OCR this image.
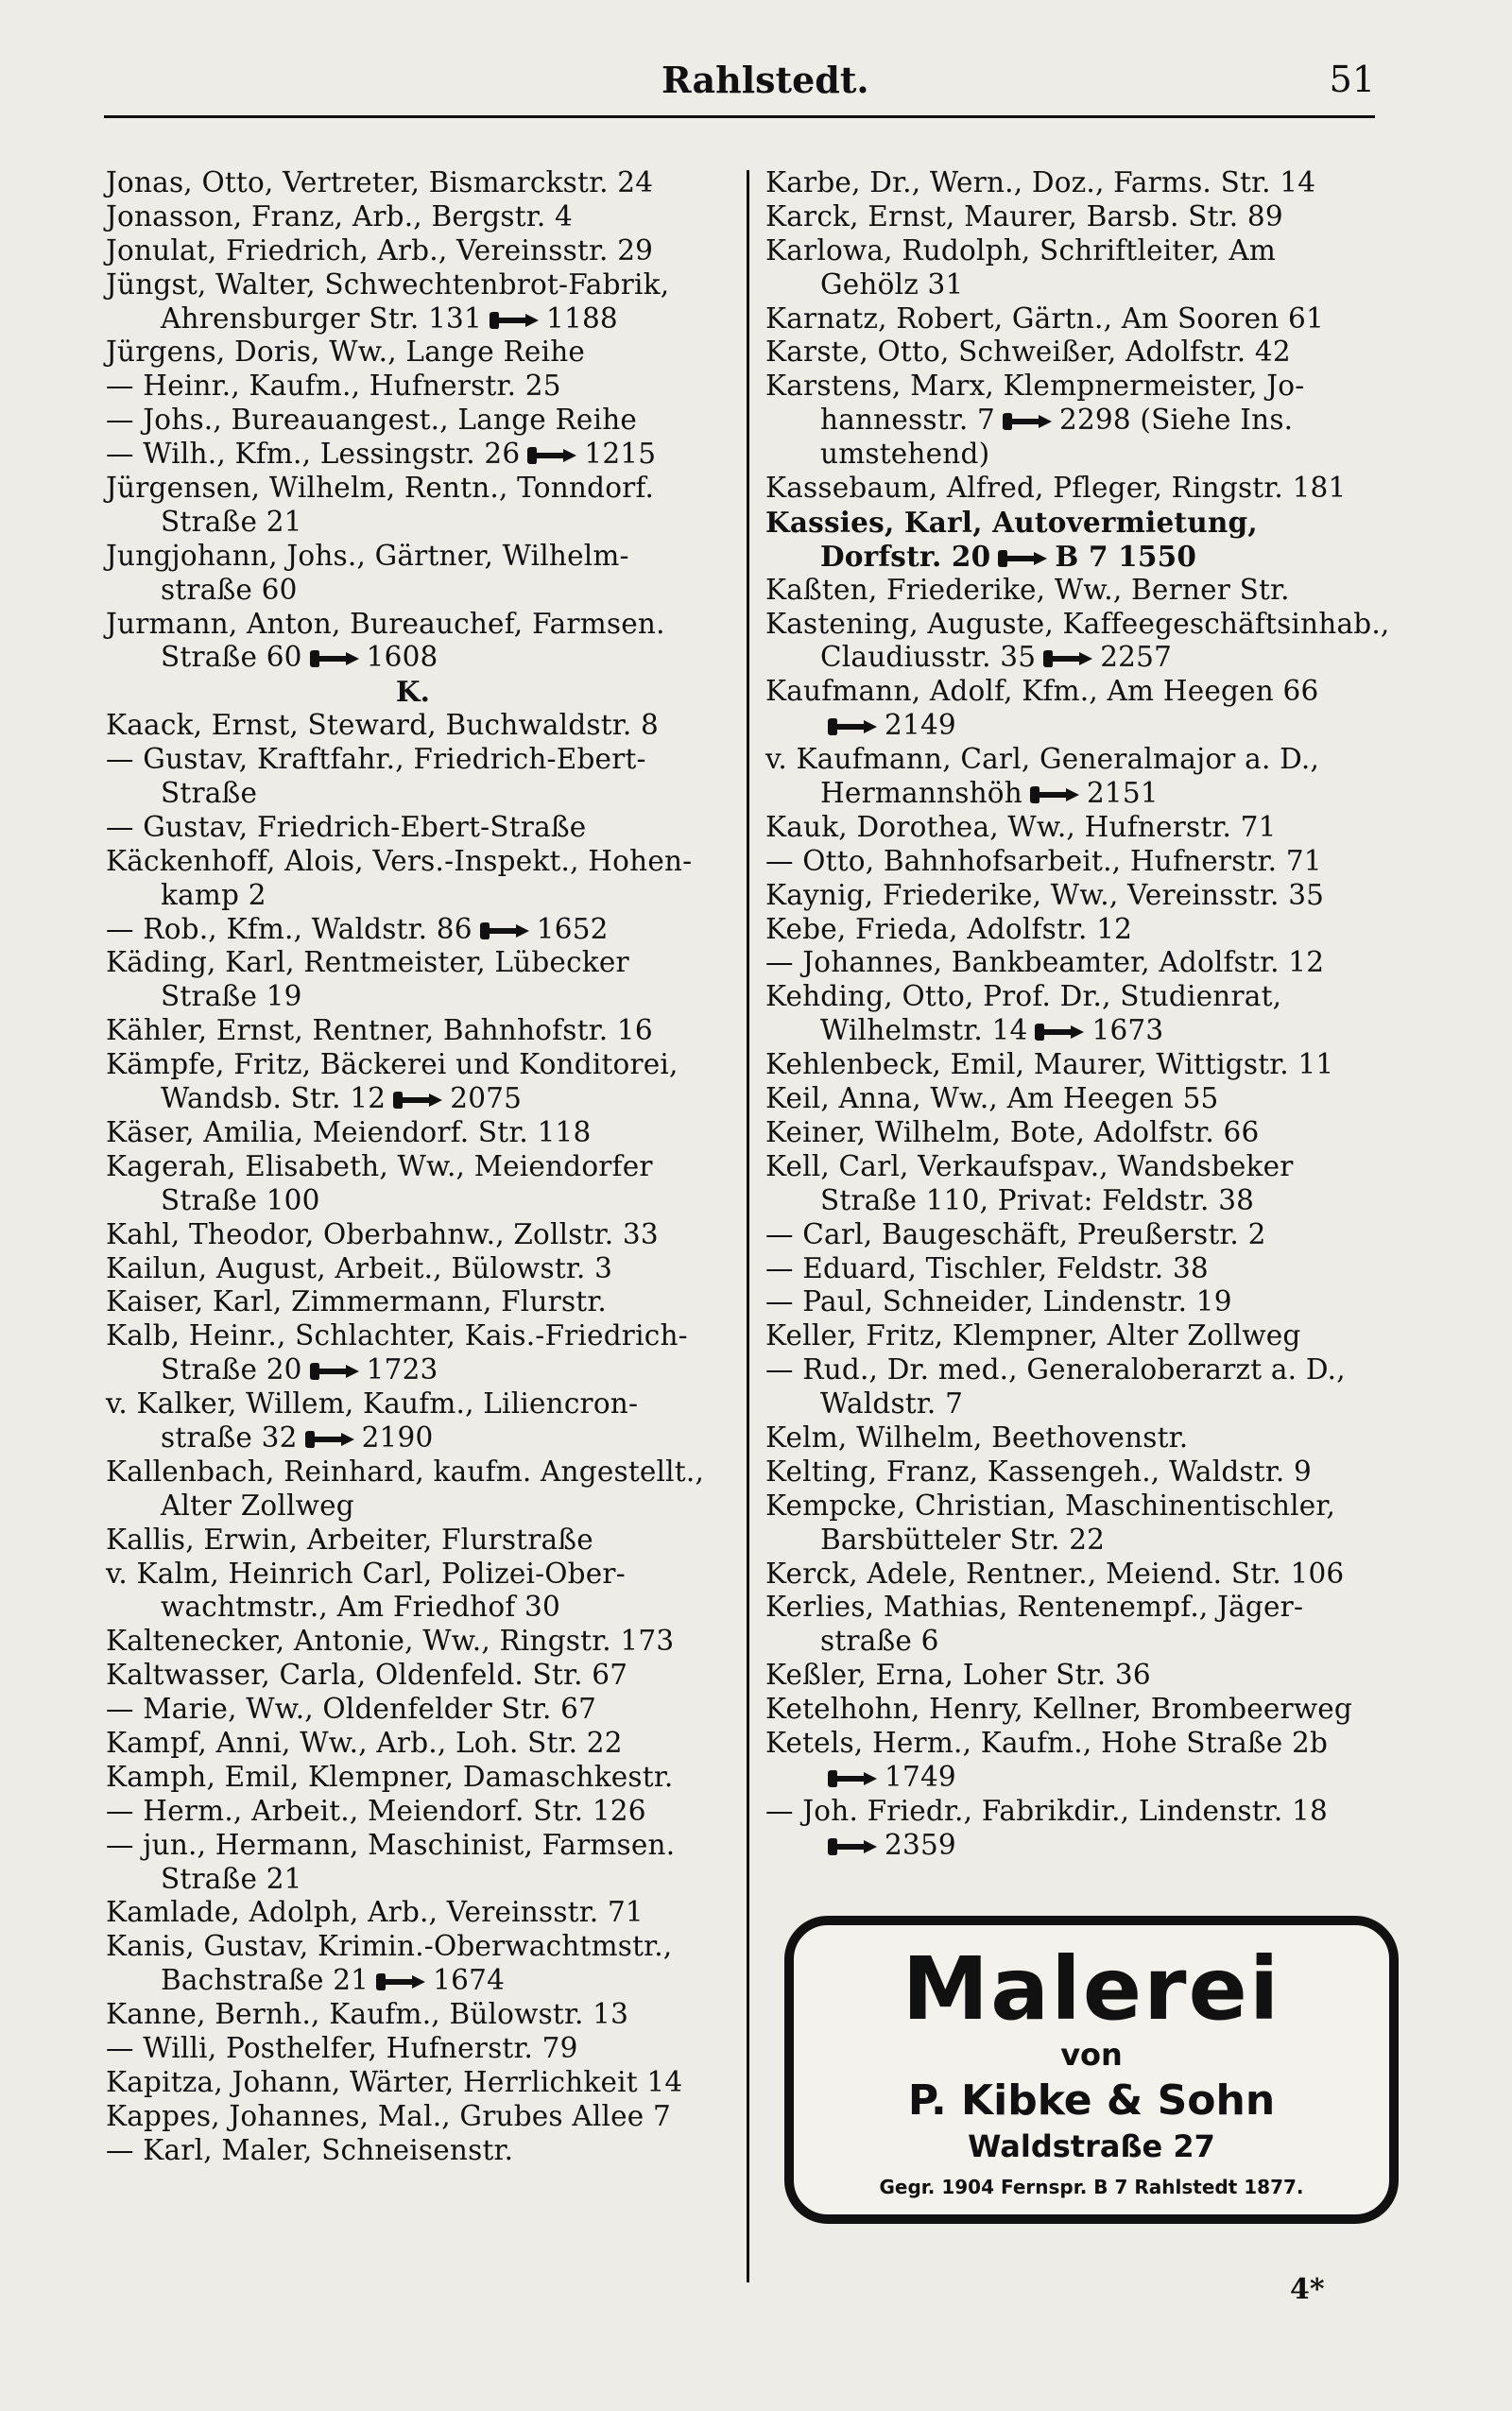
Rahlstedt.	51
Jonas, Otto, Vertreter, Bismarckstr. 24
Jonasson, Franz, Arb., Bergstr. 4
Jonulat, Friedrich, Arb., Vereinsstr. 29
Jüngst, Walter, Schwechtenbrot-Fabrik,
Ahrensburger Str. 131 1188
Jürgens, Doris, Ww., Lange Reihe
— Heinr., Kaufm., Hufnerstr. 25
— Johs., Bureauangest., Lange Reihe
— Wilh., Kfm., Lessingstr. 26 1215
Jürgensen, Wilhelm, Rentn., Tonndorf.
Straße 21
Jungjohann, Johs., Gärtner, Wilhelm-
straße 60
Jurmann, Anton, Bureauchef, Farmsen.
Straße 60 1608
K.
Kaack, Ernst, Steward, Buchwaldstr. 8
— Gustav, Kraftfahr., Friedrich-Ebert-
Straße
— Gustav, Friedrich-Ebert-Straße
Käckenhoff, Alois, Vers.-Inspekt., Hohen-
kamp 2
— Rob., Kfm., Waldstr. 86 1652
Käding, Karl, Rentmeister, Lübecker
Straße 19
Kähler, Ernst, Rentner, Bahnhofstr. 16
Kämpfe, Fritz, Bäckerei und Konditorei,
Wandsb. Str. 12 2075
Käser, Amilia, Meiendorf. Str. 118
Kagerah, Elisabeth, Ww., Meiendorfer
Straße 100
Kahl, Theodor, Oberbahnw., Zollstr. 33
Kailun, August, Arbeit., Bülowstr. 3
Kaiser, Karl, Zimmermann, Flurstr.
Kalb, Heinr., Schlachter, Kais.-Friedrich-
Straße 20 1723
v. Kalker, Willem, Kaufm., Liliencron-
straße 32 2190
Kallenbach, Reinhard, kaufm. Angestellt.,
Alter Zollweg
Kallis, Erwin, Arbeiter, Flurstraße
v. Kalm, Heinrich Carl, Polizei-Ober-
wachtmstr., Am Friedhof 30
Kaltenecker, Antonie, Ww., Ringstr. 173
Kaltwasser, Carla, Oldenfeld. Str. 67
— Marie, Ww., Oldenfelder Str. 67
Kampf, Anni, Ww., Arb., Loh. Str. 22
Kamph, Emil, Klempner, Damaschkestr.
— Herm., Arbeit., Meiendorf. Str. 126
— jun., Hermann, Maschinist, Farmsen.
Straße 21
Kamlade, Adolph, Arb., Vereinsstr. 71
Kanis, Gustav, Krimin.-Oberwachtmstr.,
Bachstraße 21 1674
Kanne, Bernh., Kaufm., Bülowstr. 13
— Willi, Posthelfer, Hufnerstr. 79
Kapitza, Johann, Wärter, Herrlichkeit 14
Kappes, Johannes, Mal., Grubes Allee 7
— Karl, Maler, Schneisenstr.
Karbe, Dr., Wern., Doz., Farms. Str. 14
Karck, Ernst, Maurer, Barsb. Str. 89
Karlowa, Rudolph, Schriftleiter, Am
Gehölz 31
Karnatz, Robert, Gärtn., Am Sooren 61
Karste, Otto, Schweißer, Adolfstr. 42
Karstens, Marx, Klempnermeister, Jo-
hannesstr. 7 2298 (Siehe Ins.
umstehend)
Kassebaum, Alfred, Pfleger, Ringstr. 181
Kassies, Karl, Autovermietung,
Dorfstr. 20 B 7 1550
Kaßten, Friederike, Ww., Berner Str.
Kastening, Auguste, Kaffeegeschäftsinhab.,
Claudiusstr. 35 2257
Kaufmann, Adolf, Kfm., Am Heegen 66
2149
v. Kaufmann, Carl, Generalmajor a. D.,
Hermannshöh 2151
Kauk, Dorothea, Ww., Hufnerstr. 71
— Otto, Bahnhofsarbeit., Hufnerstr. 71
Kaynig, Friederike, Ww., Vereinsstr. 35
Kebe, Frieda, Adolfstr. 12
— Johannes, Bankbeamter, Adolfstr. 12
Kehding, Otto, Prof. Dr., Studienrat,
Wilhelmstr. 14 1673
Kehlenbeck, Emil, Maurer, Wittigstr. 11
Keil, Anna, Ww., Am Heegen 55
Keiner, Wilhelm, Bote, Adolfstr. 66
Kell, Carl, Verkaufspav., Wandsbeker
Straße 110, Privat: Feldstr. 38
— Carl, Baugeschäft, Preußerstr. 2
— Eduard, Tischler, Feldstr. 38
— Paul, Schneider, Lindenstr. 19
Keller, Fritz, Klempner, Alter Zollweg
— Rud., Dr. med., Generaloberarzt a. D.,
Waldstr. 7
Kelm, Wilhelm, Beethovenstr.
Kelting, Franz, Kassengeh., Waldstr. 9
Kempcke, Christian, Maschinentischler,
Barsbütteler Str. 22
Kerck, Adele, Rentner., Meiend. Str. 106
Kerlies, Mathias, Rentenempf., Jäger-
straße 6
Keßler, Erna, Loher Str. 36
Ketelhohn, Henry, Kellner, Brombeerweg
Ketels, Herm., Kaufm., Hohe Straße 2b
1749
— Joh. Friedr., Fabrikdir., Lindenstr. 18
2359
Malerei
von
P. Kibke & Sohn
Waldstraße 27
Gegr. 1904 Fernspr. B 7 Rahlstedt 1877.
4*
